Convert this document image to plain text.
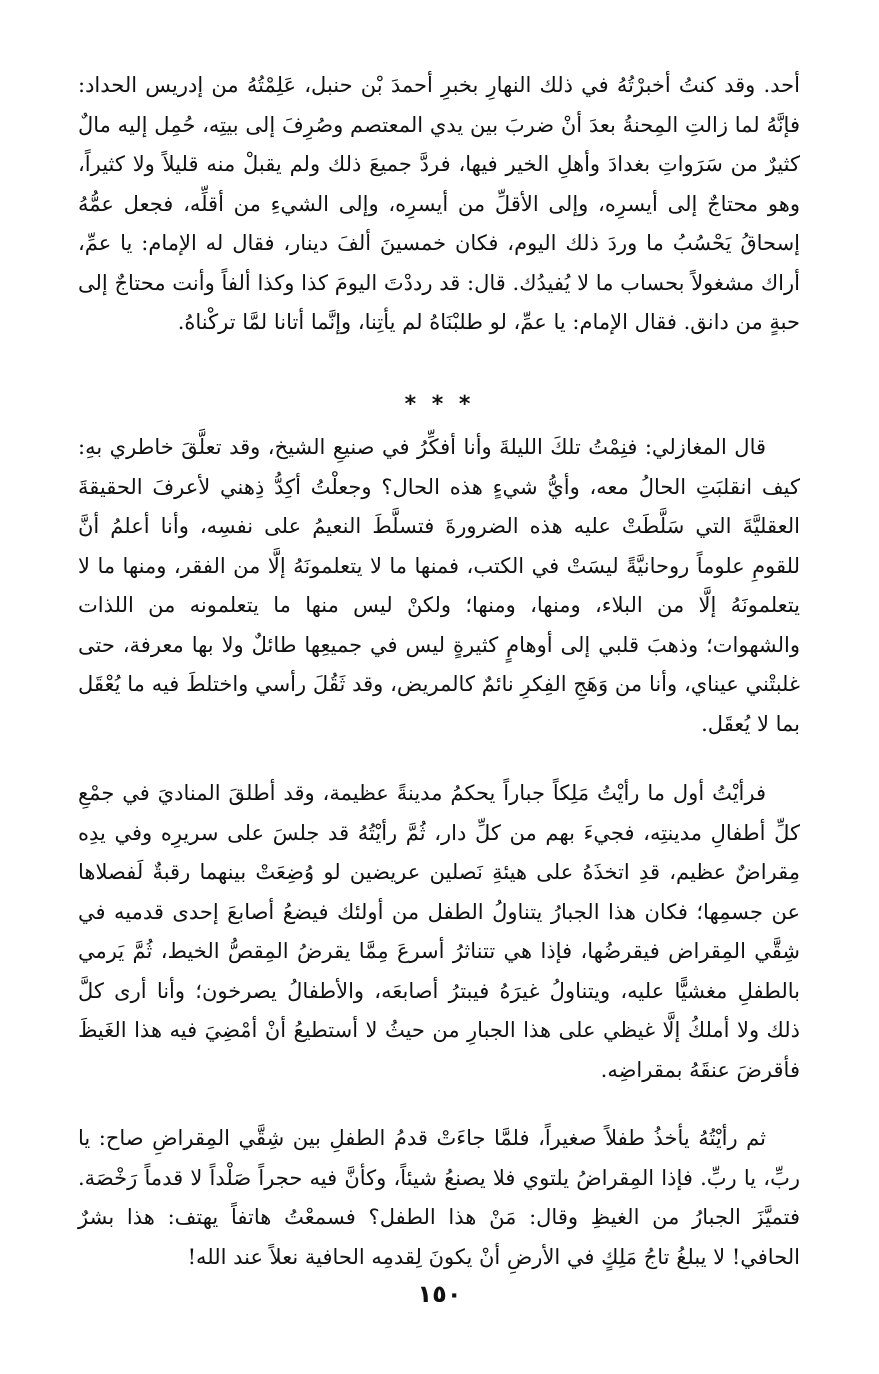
أحد. وقد كنتُ أخبرْتُهُ في ذلك النهارِ بخبرِ أحمدَ بْن حنبل، عَلِمْتُهُ من إدريس الحداد: فإنَّهُ لما زالتِ المِحنةُ بعدَ أنْ ضربَ بين يدي المعتصم وصُرِفَ إلى بيتِه، حُمِل إليه مالٌ كثيرٌ من سَرَواتِ بغدادَ وأهلِ الخير فيها، فردَّ جميعَ ذلك ولم يقبلْ منه قليلاً ولا كثيراً، وهو محتاجٌ إلى أيسرِه، وإلى الأقلِّ من أيسرِه، وإلى الشيءِ من أقلِّه، فجعل عمُّهُ إسحاقُ يَحْسُبُ ما وردَ ذلك اليوم، فكان خمسينَ ألفَ دينار، فقال له الإمام: يا عمِّ، أراك مشغولاً بحساب ما لا يُفيدُك. قال: قد رددْتَ اليومَ كذا وكذا ألفاً وأنت محتاجٌ إلى حبةٍ من دانق. فقال الإمام: يا عمِّ، لو طلبْنَاهُ لم يأتِنا، وإنَّما أتانا لمَّا تركْناهُ.
* * *
قال المغازلي: فنِمْتُ تلكَ الليلةَ وأنا أفكِّرُ في صنيعِ الشيخ، وقد تعلَّقَ خاطري بهِ: كيف انقلبَتِ الحالُ معه، وأيُّ شيءٍ هذه الحال؟ وجعلْتُ أكِدُّ ذِهني لأعرفَ الحقيقةَ العقليَّةَ التي سَلَّطَتْ عليه هذه الضرورةَ فتسلَّطَ النعيمُ على نفسِه، وأنا أعلمُ أنَّ للقومِ علوماً روحانيَّةً ليسَتْ في الكتب، فمنها ما لا يتعلمونَهُ إلَّا من الفقر، ومنها ما لا يتعلمونَهُ إلَّا من البلاء، ومنها، ومنها؛ ولكنْ ليس منها ما يتعلمونه من اللذات والشهوات؛ وذهبَ قلبي إلى أوهامٍ كثيرةٍ ليس في جميعِها طائلٌ ولا بها معرفة، حتى غلبتْني عيناي، وأنا من وَهَجِ الفِكرِ نائمٌ كالمريض، وقد ثَقُلَ رأسي واختلطَ فيه ما يُعْقَل بما لا يُعقَل.
فرأيْتُ أول ما رأيْتُ مَلِكاً جباراً يحكمُ مدينةً عظيمة، وقد أطلقَ المناديَ في جمْعِ كلِّ أطفالِ مدينتِه، فجيءَ بهم من كلِّ دار، ثُمَّ رأيْتُهُ قد جلسَ على سريرِه وفي يدِه مِقراضٌ عظيم، قدِ اتخذَهُ على هيئةِ نَصلين عريضين لو وُضِعَتْ بينهما رقبةٌ لَفصلاها عن جسمِها؛ فكان هذا الجبارُ يتناولُ الطفل من أولئك فيضعُ أصابعَ إحدى قدميه في شِقَّي المِقراض فيقرضُها، فإذا هي تتناثرُ أسرعَ مِمَّا يقرضُ المِقصُّ الخيط، ثُمَّ يَرمي بالطفلِ مغشيًّا عليه، ويتناولُ غيرَهُ فيبترُ أصابعَه، والأطفالُ يصرخون؛ وأنا أرى كلَّ ذلك ولا أملكُ إلَّا غيظي على هذا الجبارِ من حيثُ لا أستطيعُ أنْ أمْضِيَ فيه هذا الغَيظَ فأقرضَ عنقَهُ بمقراضِه.
ثم رأيْتُهُ يأخذُ طفلاً صغيراً، فلمَّا جاءَتْ قدمُ الطفلِ بين شِقَّي المِقراضِ صاح: يا ربِّ، يا ربِّ. فإذا المِقراضُ يلتوي فلا يصنعُ شيئاً، وكأنَّ فيه حجراً صَلْداً لا قدماً رَخْصَة. فتميَّزَ الجبارُ من الغيظِ وقال: مَنْ هذا الطفل؟ فسمعْتُ هاتفاً يهتف: هذا بشرٌ الحافي! لا يبلغُ تاجُ مَلِكٍ في الأرضِ أنْ يكونَ لِقدمِه الحافية نعلاً عند الله!
١٥٠
